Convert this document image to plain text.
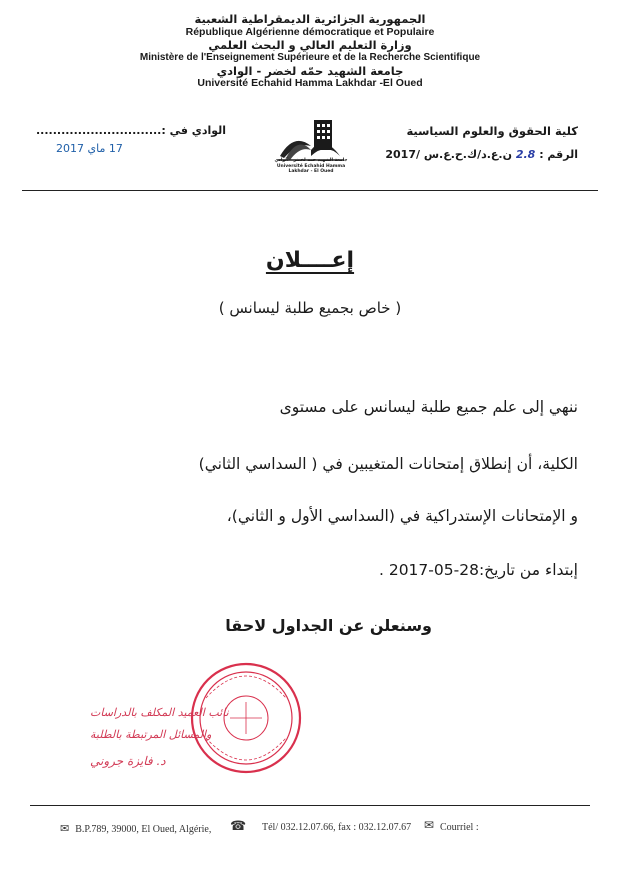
الجمهورية الجزائرية الديمقراطية الشعبية
République Algérienne démocratique et Populaire
وزارة التعليم العالي و البحث العلمي
Ministère de l'Enseignement Supérieure et de la Recherche Scientifique
جامعة الشهيد حمّه لخضر - الوادي
Université Echahid Hamma Lakhdar -El Oued
كلية الحقوق والعلوم السياسية
الرقم : 2.8 ن.ع.د/ك.ح.ع.س /2017
الوادي في :..............................
17 ماي 2017
جامعة الشهيد حمه لخضر - الوادي
Université Echahid Hamma Lakhdar - El Oued
إعــــلان
( خاص بجميع طلبة ليسانس )
ننهي إلى علم جميع طلبة ليسانس على مستوى
الكلية، أن إنطلاق إمتحانات المتغيبين في ( السداسي الثاني)
و الإمتحانات الإستدراكية في (السداسي الأول و الثاني)،
إبتداء من تاريخ:28-05-2017 .
وسنعلن عن الجداول لاحقا
نائب العميد المكلف بالدراسات
والمسائل المرتبطة بالطلبة
د. فايزة جروني
✉ B.P.789, 39000, El Oued, Algérie, ☎	Tél/ 032.12.07.66, fax : 032.12.07.67 ✉ Courriel :
